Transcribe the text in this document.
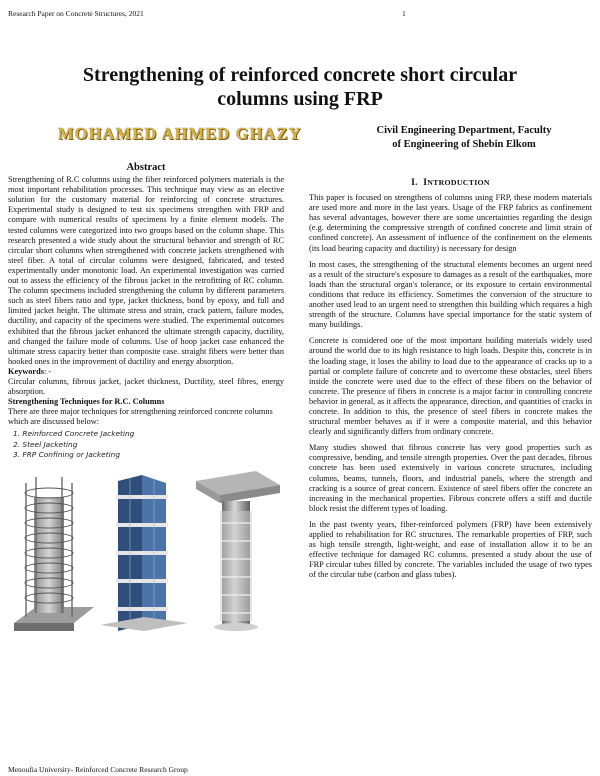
Research Paper on Concrete Structures, 2021	1
Strengthening of reinforced concrete short circular
columns using FRP
MOHAMED AHMED GHAZY	Civil Engineering Department, Faculty
of Engineering of Shebin Elkom
Abstract

Strengthening of R.C columns using the fiber reinforced polymers materials is the most important rehabilitation processes. This technique may view as an elective solution for the customary material for reinforcing of concrete structures. Experimental study is designed to test six specimens strengthen with FRP and compare with numerical results of specimens by a finite element models. The tested columns were categorized into two groups based on the column shape. This research presented a wide study about the structural behavior and strength of RC circular short columns when strengthened with concrete jackets strengthened with steel fiber. A total of circular columns were designed, fabricated, and tested experimentally under monotonic load. An experimental investigation was carried out to assess the efficiency of the fibrous jacket in the retrofitting of RC column. The column specimens included strengthening the column by different parameters such as steel fibers ratio and type, jacket thickness, bond by epoxy, and full and limited jacket height. The ultimate stress and strain, crack pattern, failure modes, ductility, and capacity of the specimens were studied. The experimental outcomes exhibited that the fibrous jacket enhanced the ultimate strength capacity, ductility, and changed the failure mode of columns. Use of hoop jacket case enhanced the ultimate stress capacity better than composite case. straight fibers were better than hooked ones in the improvement of ductility and energy absorption.

Keywords: -

Circular columns, fibrous jacket, jacket thickness, Ductility, steel fibres, energy absorption.

Strengthening Techniques for R.C. Columns

There are three major techniques for strengthening reinforced concrete columns which are discussed below:

1. Reinforced Concrete Jacketing
2. Steel Jacketing
3. FRP Confining or Jacketing
I. INTRODUCTION

This paper is focused on strengthens of columns using FRP, these modern materials are used more and more in the last years. Usage of the FRP fabrics as confinement has several advantages, however there are some uncertainties regarding the design (e.g. determining the compressive strength of confined concrete and limit strain of confined concrete). An assessment of influence of the confinement on the elements (its load bearing capacity and ductility) is necessary for design

In most cases, the strengthening of the structural elements becomes an urgent need as a result of the structure's exposure to damages as a result of the earthquakes, more loads than the structural organ's tolerance, or its exposure to certain environmental conditions that reduce its efficiency. Sometimes the conversion of the structure to another used lead to an urgent need to strengthen this building which requires a high strength of the structure. Columns have special importance for the static system of many buildings.

Concrete is considered one of the most important building materials widely used around the world due to its high resistance to high loads. Despite this, concrete is in the loading stage, it loses the ability to load due to the appearance of cracks up to a partial or complete failure of concrete and to overcome these obstacles, steel fibers inside the concrete were used due to the effect of these fibers on the behavior of concrete. The presence of fibers in concrete is a major factor in controlling concrete behavior in general, as it affects the appearance, direction, and quantities of cracks in concrete. In addition to this, the presence of steel fibers in concrete makes the structural member behaves as if it were a composite material, and this behavior clearly and significantly differs from ordinary concrete.

Many studies showed that fibrous concrete has very good properties such as compressive, bending, and tensile strength properties. Over the past decades, fibrous concrete has been used extensively in various concrete structures, including columns, beams, tunnels, floors, and industrial panels, where the strength and cracking is a source of great concern. Existence of steel fibers offer the concrete an increasing in the mechanical properties. Fibrous concrete offers a stiff and ductile block resist the different types of loading.

In the past twenty years, fiber-reinforced polymers (FRP) have been extensively applied to rehabilitation for RC structures. The remarkable properties of FRP, such as high tensile strength, light-weight, and ease of installation allow it to be an effective technique for damaged RC columns. presented a study about the use of FRP circular tubes filled by concrete. The variables included the usage of two types of the circular tube (carbon and glass tubes).

Menoufia University- Reinforced Concrete Research Group
